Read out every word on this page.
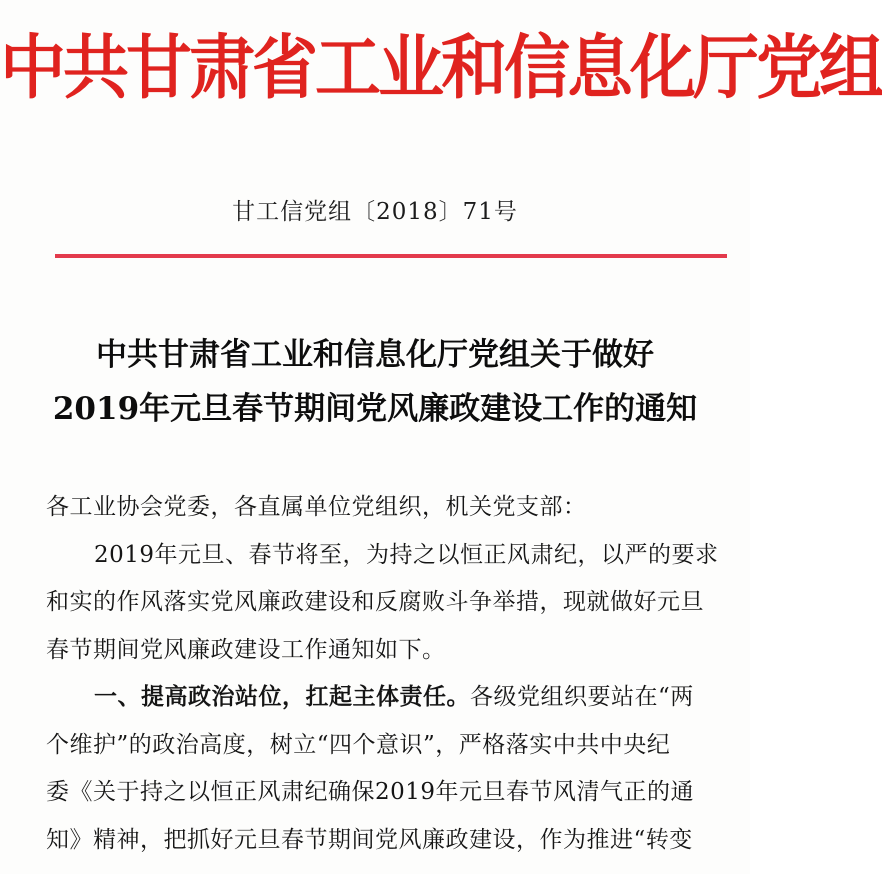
中共甘肃省工业和信息化厅党组
甘工信党组〔2018〕71号
中共甘肃省工业和信息化厅党组关于做好
2019年元旦春节期间党风廉政建设工作的通知
各工业协会党委，各直属单位党组织，机关党支部：
2019年元旦、春节将至，为持之以恒正风肃纪，以严的要求
和实的作风落实党风廉政建设和反腐败斗争举措，现就做好元旦
春节期间党风廉政建设工作通知如下。
一、提高政治站位，扛起主体责任。各级党组织要站在“两
个维护”的政治高度，树立“四个意识”，严格落实中共中央纪
委《关于持之以恒正风肃纪确保2019年元旦春节风清气正的通
知》精神，把抓好元旦春节期间党风廉政建设，作为推进“转变
